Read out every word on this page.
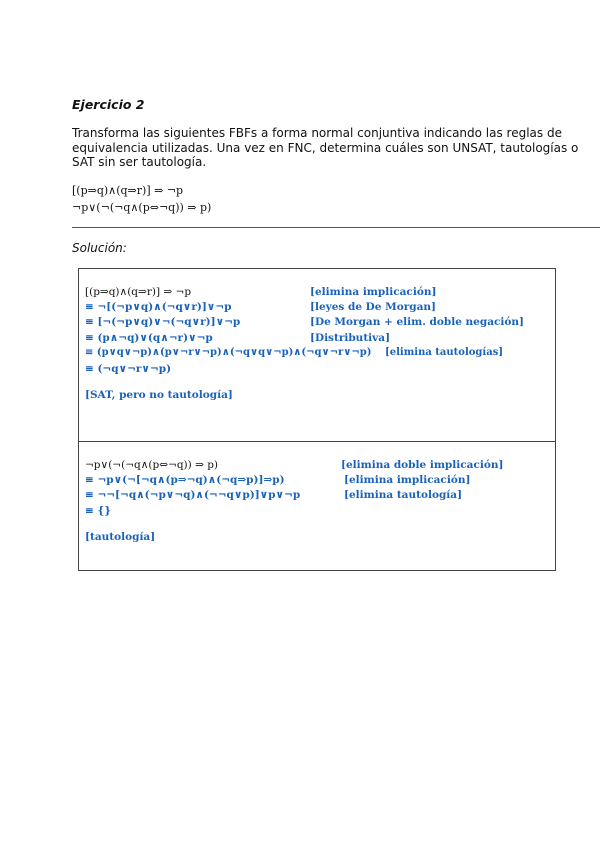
Ejercicio 2
Transforma las siguientes FBFs a forma normal conjuntiva indicando las reglas de equivalencia utilizadas. Una vez en FNC, determina cuáles son UNSAT, tautologías o SAT sin ser tautología.
[(p⇒q)∧(q⇒r)] ⇒ ¬p
¬p∨(¬(¬q∧(p⇔¬q)) ⇒ p)
Solución:
[(p⇒q)∧(q⇒r)] ⇒ ¬p	[elimina implicación]
≡ ¬[(¬p∨q)∧(¬q∨r)]∨¬p	[leyes de De Morgan]
≡ [¬(¬p∨q)∨¬(¬q∨r)]∨¬p	[De Morgan + elim. doble negación]
≡ (p∧¬q)∨(q∧¬r)∨¬p	[Distributiva]
≡ (p∨q∨¬p)∧(p∨¬r∨¬p)∧(¬q∨q∨¬p)∧(¬q∨¬r∨¬p) [elimina tautologías]
≡ (¬q∨¬r∨¬p)
[SAT, pero no tautología]
¬p∨(¬(¬q∧(p⇔¬q)) ⇒ p)	[elimina doble implicación]
≡ ¬p∨(¬[¬q∧(p⇒¬q)∧(¬q⇒p)]⇒p)	[elimina implicación]
≡ ¬¬[¬q∧(¬p∨¬q)∧(¬¬q∨p)]∨p∨¬p	[elimina tautología]
≡ {}
[tautología]
